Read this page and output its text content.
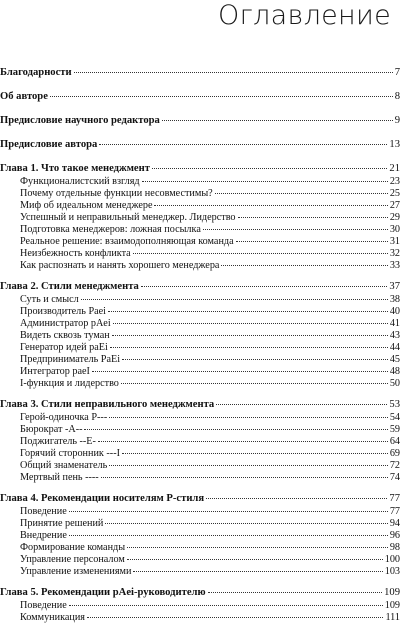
Оглавление
Благодарности	7
Об авторе	8
Предисловие научного редактора	9
Предисловие автора	13
Глава 1. Что такое менеджмент	21
Функционалистский взгляд	23
Почему отдельные функции несовместимы?	25
Миф об идеальном менеджере	27
Успешный и неправильный менеджер. Лидерство	29
Подготовка менеджеров: ложная посылка	30
Реальное решение: взаимодополняющая команда	31
Неизбежность конфликта	32
Как распознать и нанять хорошего менеджера	33
Глава 2. Стили менеджмента	37
Суть и смысл	38
Производитель Paei	40
Администратор pAei	41
Видеть сквозь туман	43
Генератор идей paEi	44
Предприниматель PaEi	45
Интегратор paeI	48
I-функция и лидерство	50
Глава 3. Стили неправильного менеджмента	53
Герой-одиночка P---	54
Бюрократ -A--	59
Поджигатель --E-	64
Горячий сторонник ---I	69
Общий знаменатель	72
Мертвый пень ----	74
Глава 4. Рекомендации носителям P-стиля	77
Поведение	77
Принятие решений	94
Внедрение	96
Формирование команды	98
Управление персоналом	100
Управление изменениями	103
Глава 5. Рекомендации pAei-руководителю	109
Поведение	109
Коммуникация	111
